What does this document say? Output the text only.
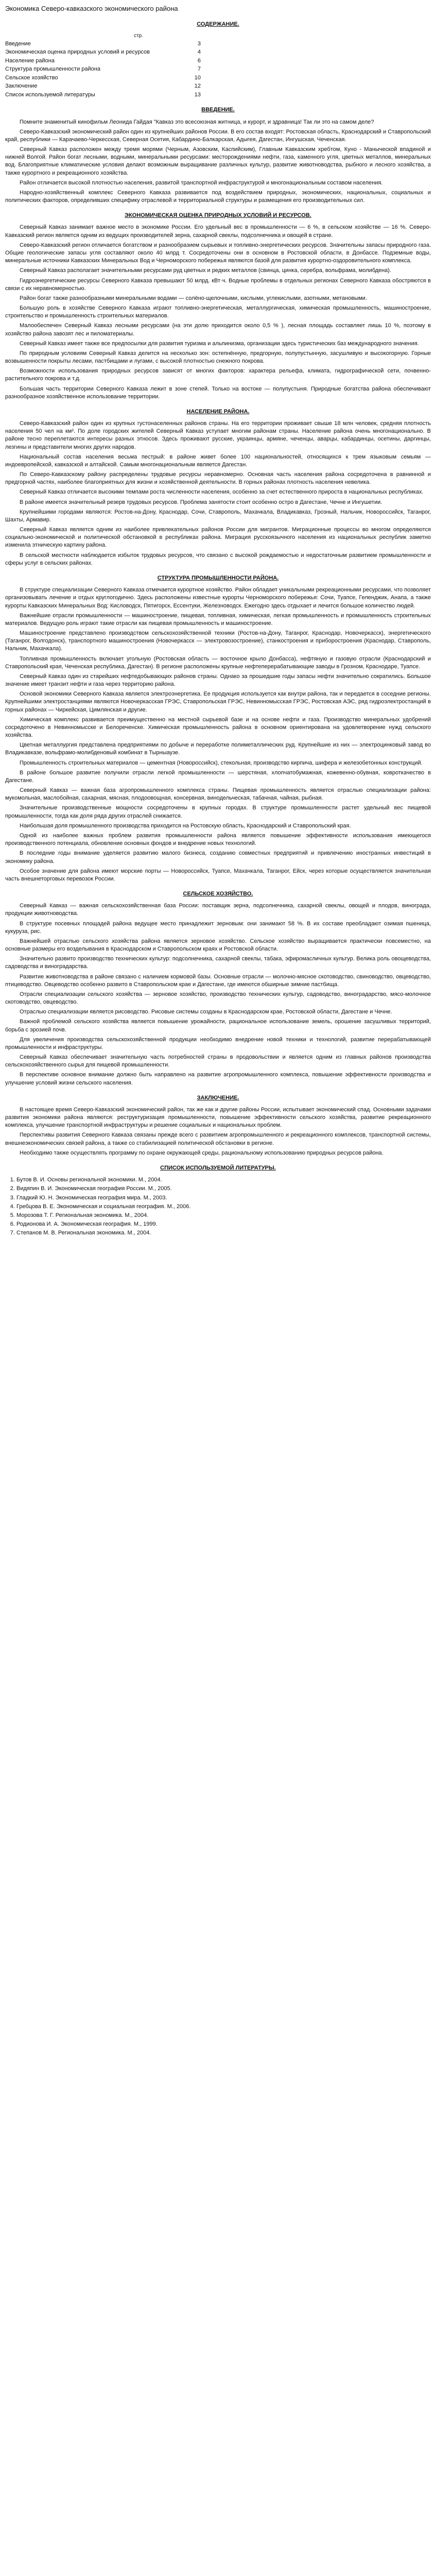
Экономика Северо-кавказского экономического района
СОДЕРЖАНИЕ.
стр.
Введение	3
Экономическая оценка природных условий и ресурсов	4
Население района	6
Структура промышленности района	7
Сельское хозяйство	10
Заключение	12
Список используемой литературы	13
ВВЕДЕНИЕ.

Помните знаменитый кинофильм Леонида Гайдая "Кавказ это всесоюзная житница, и курорт, и здравница! Так ли это на самом деле?

Северо-Кавказский экономический район один из крупнейших районов России. В его состав входят: Ростовская область, Краснодарский и Ставропольский край, республики — Карачаево-Черкесская, Северная Осетия, Кабардино-Балкарская, Адыгея, Дагестан, Ингушская, Чеченская.

Северный Кавказ расположен между тремя морями (Черным, Азовским, Каспийским), Главным Кавказским хребтом, Куно - Маныческой впадиной и нижней Волгой. Район богат лесными, водными, минеральными ресурсами: месторождениями нефти, газа, каменного угля, цветных металлов, минеральных вод. Благоприятные климатические условия делают возможным выращивание различных культур, развитие животноводства, рыбного и лесного хозяйства, а также курортного и рекреационного хозяйства.

Район отличается высокой плотностью населения, развитой транспортной инфраструктурой и многонациональным составом населения.

Народно-хозяйственный комплекс Северного Кавказа развивается под воздействием природных, экономических, национальных, социальных и политических факторов, определивших специфику отраслевой и территориальной структуры и размещения его производительных сил.

ЭКОНОМИЧЕСКАЯ ОЦЕНКА ПРИРОДНЫХ УСЛОВИЙ И РЕСУРСОВ.

Северный Кавказ занимает важное место в экономике России. Его удельный вес в промышленности — 6 %, в сельском хозяйстве — 16 %. Северо-Кавказский регион является одним из ведущих производителей зерна, сахарной свеклы, подсолнечника и овощей в стране.

Северо-Кавказский регион отличается богатством и разнообразием сырьевых и топливно-энергетических ресурсов. Значительны запасы природного газа. Общие геологические запасы угля составляют около 40 млрд т. Сосредоточены они в основном в Ростовской области, в Донбассе. Подземные воды, минеральные источники Кавказских Минеральных Вод и Черноморского побережья являются базой для развития курортно-оздоровительного комплекса.

Северный Кавказ располагает значительными ресурсами руд цветных и редких металлов (свинца, цинка, серебра, вольфрама, молибдена).

Гидроэнергетические ресурсы Северного Кавказа превышают 50 млрд. кВт·ч. Водные проблемы в отдельных регионах Северного Кавказа обостряются в связи с их неравномерностью.

Район богат также разнообразными минеральными водами — солёно-щелочными, кислыми, углекислыми, азотными, метановыми.

Большую роль в хозяйстве Северного Кавказа играют топливно-энергетическая, металлургическая, химическая промышленность, машиностроение, строительство и промышленность строительных материалов.

Малообеспечен Северный Кавказ лесными ресурсами (на эти долю приходится около 0,5 % ), лесная площадь составляет лишь 10 %, поэтому в хозяйство района завозят лес и пиломатериалы.

Северный Кавказ имеет также все предпосылки для развития туризма и альпинизма, организации здесь туристических баз международного значения.

По природным условиям Северный Кавказ делится на несколько зон: остепнённую, предгорную, полупустынную, засушливую и высокогорную. Горные возвышенности покрыты лесами, пастбищами и лугами, с высокой плотностью снежного покрова.

Возможности использования природных ресурсов зависят от многих факторов: характера рельефа, климата, гидрографической сети, почвенно-растительного покрова и т.д.

Большая часть территории Северного Кавказа лежит в зоне степей. Только на востоке — полупустыня. Природные богатства района обеспечивают разнообразное хозяйственное использование территории.

НАСЕЛЕНИЕ РАЙОНА.

Северо-Кавказский район один из крупных густонаселенных районов страны. На его территории проживает свыше 18 млн человек, средняя плотность населения 50 чел на км². По доле городских жителей Северный Кавказ уступает многим районам страны. Население района очень многонационально. В районе тесно переплетаются интересы разных этносов. Здесь проживают русские, украинцы, армяне, чеченцы, аварцы, кабардинцы, осетины, даргинцы, лезгины и представители многих других народов.

Национальный состав населения весьма пестрый: в районе живет более 100 национальностей, относящихся к трем языковым семьям — индоевропейской, кавказской и алтайской. Самым многонациональным является Дагестан.

По Северо-Кавказскому району распределены трудовые ресурсы неравномерно. Основная часть населения района сосредоточена в равнинной и предгорной частях, наиболее благоприятных для жизни и хозяйственной деятельности. В горных районах плотность населения невелика.

Северный Кавказ отличается высокими темпами роста численности населения, особенно за счет естественного прироста в национальных республиках.

В районе имеется значительный резерв трудовых ресурсов. Проблема занятости стоит особенно остро в Дагестане, Чечне и Ингушетии.

Крупнейшими городами являются: Ростов-на-Дону, Краснодар, Сочи, Ставрополь, Махачкала, Владикавказ, Грозный, Нальчик, Новороссийск, Таганрог, Шахты, Армавир.

Северный Кавказ является одним из наиболее привлекательных районов России для мигрантов. Миграционные процессы во многом определяются социально-экономической и политической обстановкой в республиках района. Миграция русскоязычного населения из национальных республик заметно изменила этническую картину района.

В сельской местности наблюдается избыток трудовых ресурсов, что связано с высокой рождаемостью и недостаточным развитием промышленности и сферы услуг в сельских районах.

СТРУКТУРА ПРОМЫШЛЕННОСТИ РАЙОНА.

В структуре специализации Северного Кавказа отмечается курортное хозяйство. Район обладает уникальными рекреационными ресурсами, что позволяет организовывать лечение и отдых круглогодично. Здесь расположены известные курорты Черноморского побережья: Сочи, Туапсе, Геленджик, Анапа, а также курорты Кавказских Минеральных Вод: Кисловодск, Пятигорск, Ессентуки, Железноводск. Ежегодно здесь отдыхает и лечится большое количество людей.

Важнейшие отрасли промышленности — машиностроение, пищевая, топливная, химическая, легкая промышленность и промышленность строительных материалов. Ведущую роль играют такие отрасли как пищевая промышленность и машиностроение.

Машиностроение представлено производством сельскохозяйственной техники (Ростов-на-Дону, Таганрог, Краснодар, Новочеркасск), энергетического (Таганрог, Волгодонск), транспортного машиностроения (Новочеркасск — электровозостроение), станкостроения и приборостроения (Краснодар, Ставрополь, Нальчик, Махачкала).

Топливная промышленность включает угольную (Ростовская область — восточное крыло Донбасса), нефтяную и газовую отрасли (Краснодарский и Ставропольский края, Чеченская республика, Дагестан). В регионе расположены крупные нефтеперерабатывающие заводы в Грозном, Краснодаре, Туапсе.

Северный Кавказ один из старейших нефтедобывающих районов страны. Однако за прошедшие годы запасы нефти значительно сократились. Большое значение имеет транзит нефти и газа через территорию района.

Основой экономики Северного Кавказа является электроэнергетика. Ее продукция используется как внутри района, так и передается в соседние регионы. Крупнейшими электростанциями являются Новочеркасская ГРЭС, Ставропольская ГРЭС, Невинномысская ГРЭС, Ростовская АЭС, ряд гидроэлектростанций в горных районах — Чиркейская, Цимлянская и другие.

Химическая комплекс развивается преимущественно на местной сырьевой базе и на основе нефти и газа. Производство минеральных удобрений сосредоточено в Невинномысске и Белореченске. Химическая промышленность района в основном ориентирована на удовлетворение нужд сельского хозяйства.

Цветная металлургия представлена предприятиями по добыче и переработке полиметаллических руд. Крупнейшие из них — электроцинковый завод во Владикавказе, вольфрамо-молибденовый комбинат в Тырныаузе.

Промышленность строительных материалов — цементная (Новороссийск), стекольная, производство кирпича, шифера и железобетонных конструкций.

В районе большое развитие получили отрасли легкой промышленности — шерстяная, хлопчатобумажная, кожевенно-обувная, ковроткачество в Дагестане.

Северный Кавказ — важная база агропромышленного комплекса страны. Пищевая промышленность является отраслью специализации района: мукомольная, маслобойная, сахарная, мясная, плодоовощная, консервная, винодельческая, табачная, чайная, рыбная.

Значительные производственные мощности сосредоточены в крупных городах. В структуре промышленности растет удельный вес пищевой промышленности, тогда как доля ряда других отраслей снижается.

Наибольшая доля промышленного производства приходится на Ростовскую область, Краснодарский и Ставропольский края.

Одной из наиболее важных проблем развития промышленности района является повышение эффективности использования имеющегося производственного потенциала, обновление основных фондов и внедрение новых технологий.

В последние годы внимание уделяется развитию малого бизнеса, созданию совместных предприятий и привлечению иностранных инвестиций в экономику района.

Особое значение для района имеют морские порты — Новороссийск, Туапсе, Махачкала, Таганрог, Ейск, через которые осуществляется значительная часть внешнеторговых перевозок России.

СЕЛЬСКОЕ ХОЗЯЙСТВО.

Северный Кавказ — важная сельскохозяйственная база России: поставщик зерна, подсолнечника, сахарной свеклы, овощей и плодов, винограда, продукции животноводства.

В структуре посевных площадей района ведущее место принадлежит зерновым: они занимают 58 %. В их составе преобладают озимая пшеница, кукуруза, рис.

Важнейшей отраслью сельского хозяйства района является зерновое хозяйство. Сельское хозяйство выращивается практически повсеместно, на основные размеры его возделывания в Краснодарском и Ставропольском краях и Ростовской области.

Значительно развито производство технических культур: подсолнечника, сахарной свеклы, табака, эфиромасличных культур. Велика роль овощеводства, садоводства и виноградарства.

Развитие животноводства в районе связано с наличием кормовой базы. Основные отрасли — молочно-мясное скотоводство, свиноводство, овцеводство, птицеводство. Овцеводство особенно развито в Ставропольском крае и Дагестане, где имеются обширные зимние пастбища.

Отрасли специализации сельского хозяйства — зерновое хозяйство, производство технических культур, садоводство, виноградарство, мясо-молочное скотоводство, овцеводство.

Отраслью специализации является рисоводство. Рисовые системы созданы в Краснодарском крае, Ростовской области, Дагестане и Чечне.

Важной проблемой сельского хозяйства является повышение урожайности, рациональное использование земель, орошение засушливых территорий, борьба с эрозией почв.

Для увеличения производства сельскохозяйственной продукции необходимо внедрение новой техники и технологий, развитие перерабатывающей промышленности и инфраструктуры.

Северный Кавказ обеспечивает значительную часть потребностей страны в продовольствии и является одним из главных районов производства сельскохозяйственного сырья для пищевой промышленности.

В перспективе основное внимание должно быть направлено на развитие агропромышленного комплекса, повышение эффективности производства и улучшение условий жизни сельского населения.

ЗАКЛЮЧЕНИЕ.

В настоящее время Северо-Кавказский экономический район, так же как и другие районы России, испытывает экономический спад. Основными задачами развития экономики района являются: реструктуризация промышленности, повышение эффективности сельского хозяйства, развитие рекреационного комплекса, улучшение транспортной инфраструктуры и решение социальных и национальных проблем.

Перспективы развития Северного Кавказа связаны прежде всего с развитием агропромышленного и рекреационного комплексов, транспортной системы, внешнеэкономических связей района, а также со стабилизацией политической обстановки в регионе.

Необходимо также осуществлять программу по охране окружающей среды, рациональному использованию природных ресурсов района.

СПИСОК ИСПОЛЬЗУЕМОЙ ЛИТЕРАТУРЫ.
1. Бутов В. И. Основы региональной экономики. М., 2004.
2. Видяпин В. И. Экономическая география России. М., 2005.
3. Гладкий Ю. Н. Экономическая география мира. М., 2003.
4. Гребцова В. Е. Экономическая и социальная география. М., 2006.
5. Морозова Т. Г. Региональная экономика. М., 2004.
6. Родионова И. А. Экономическая география. М., 1999.
7. Степанов М. В. Региональная экономика. М., 2004.
